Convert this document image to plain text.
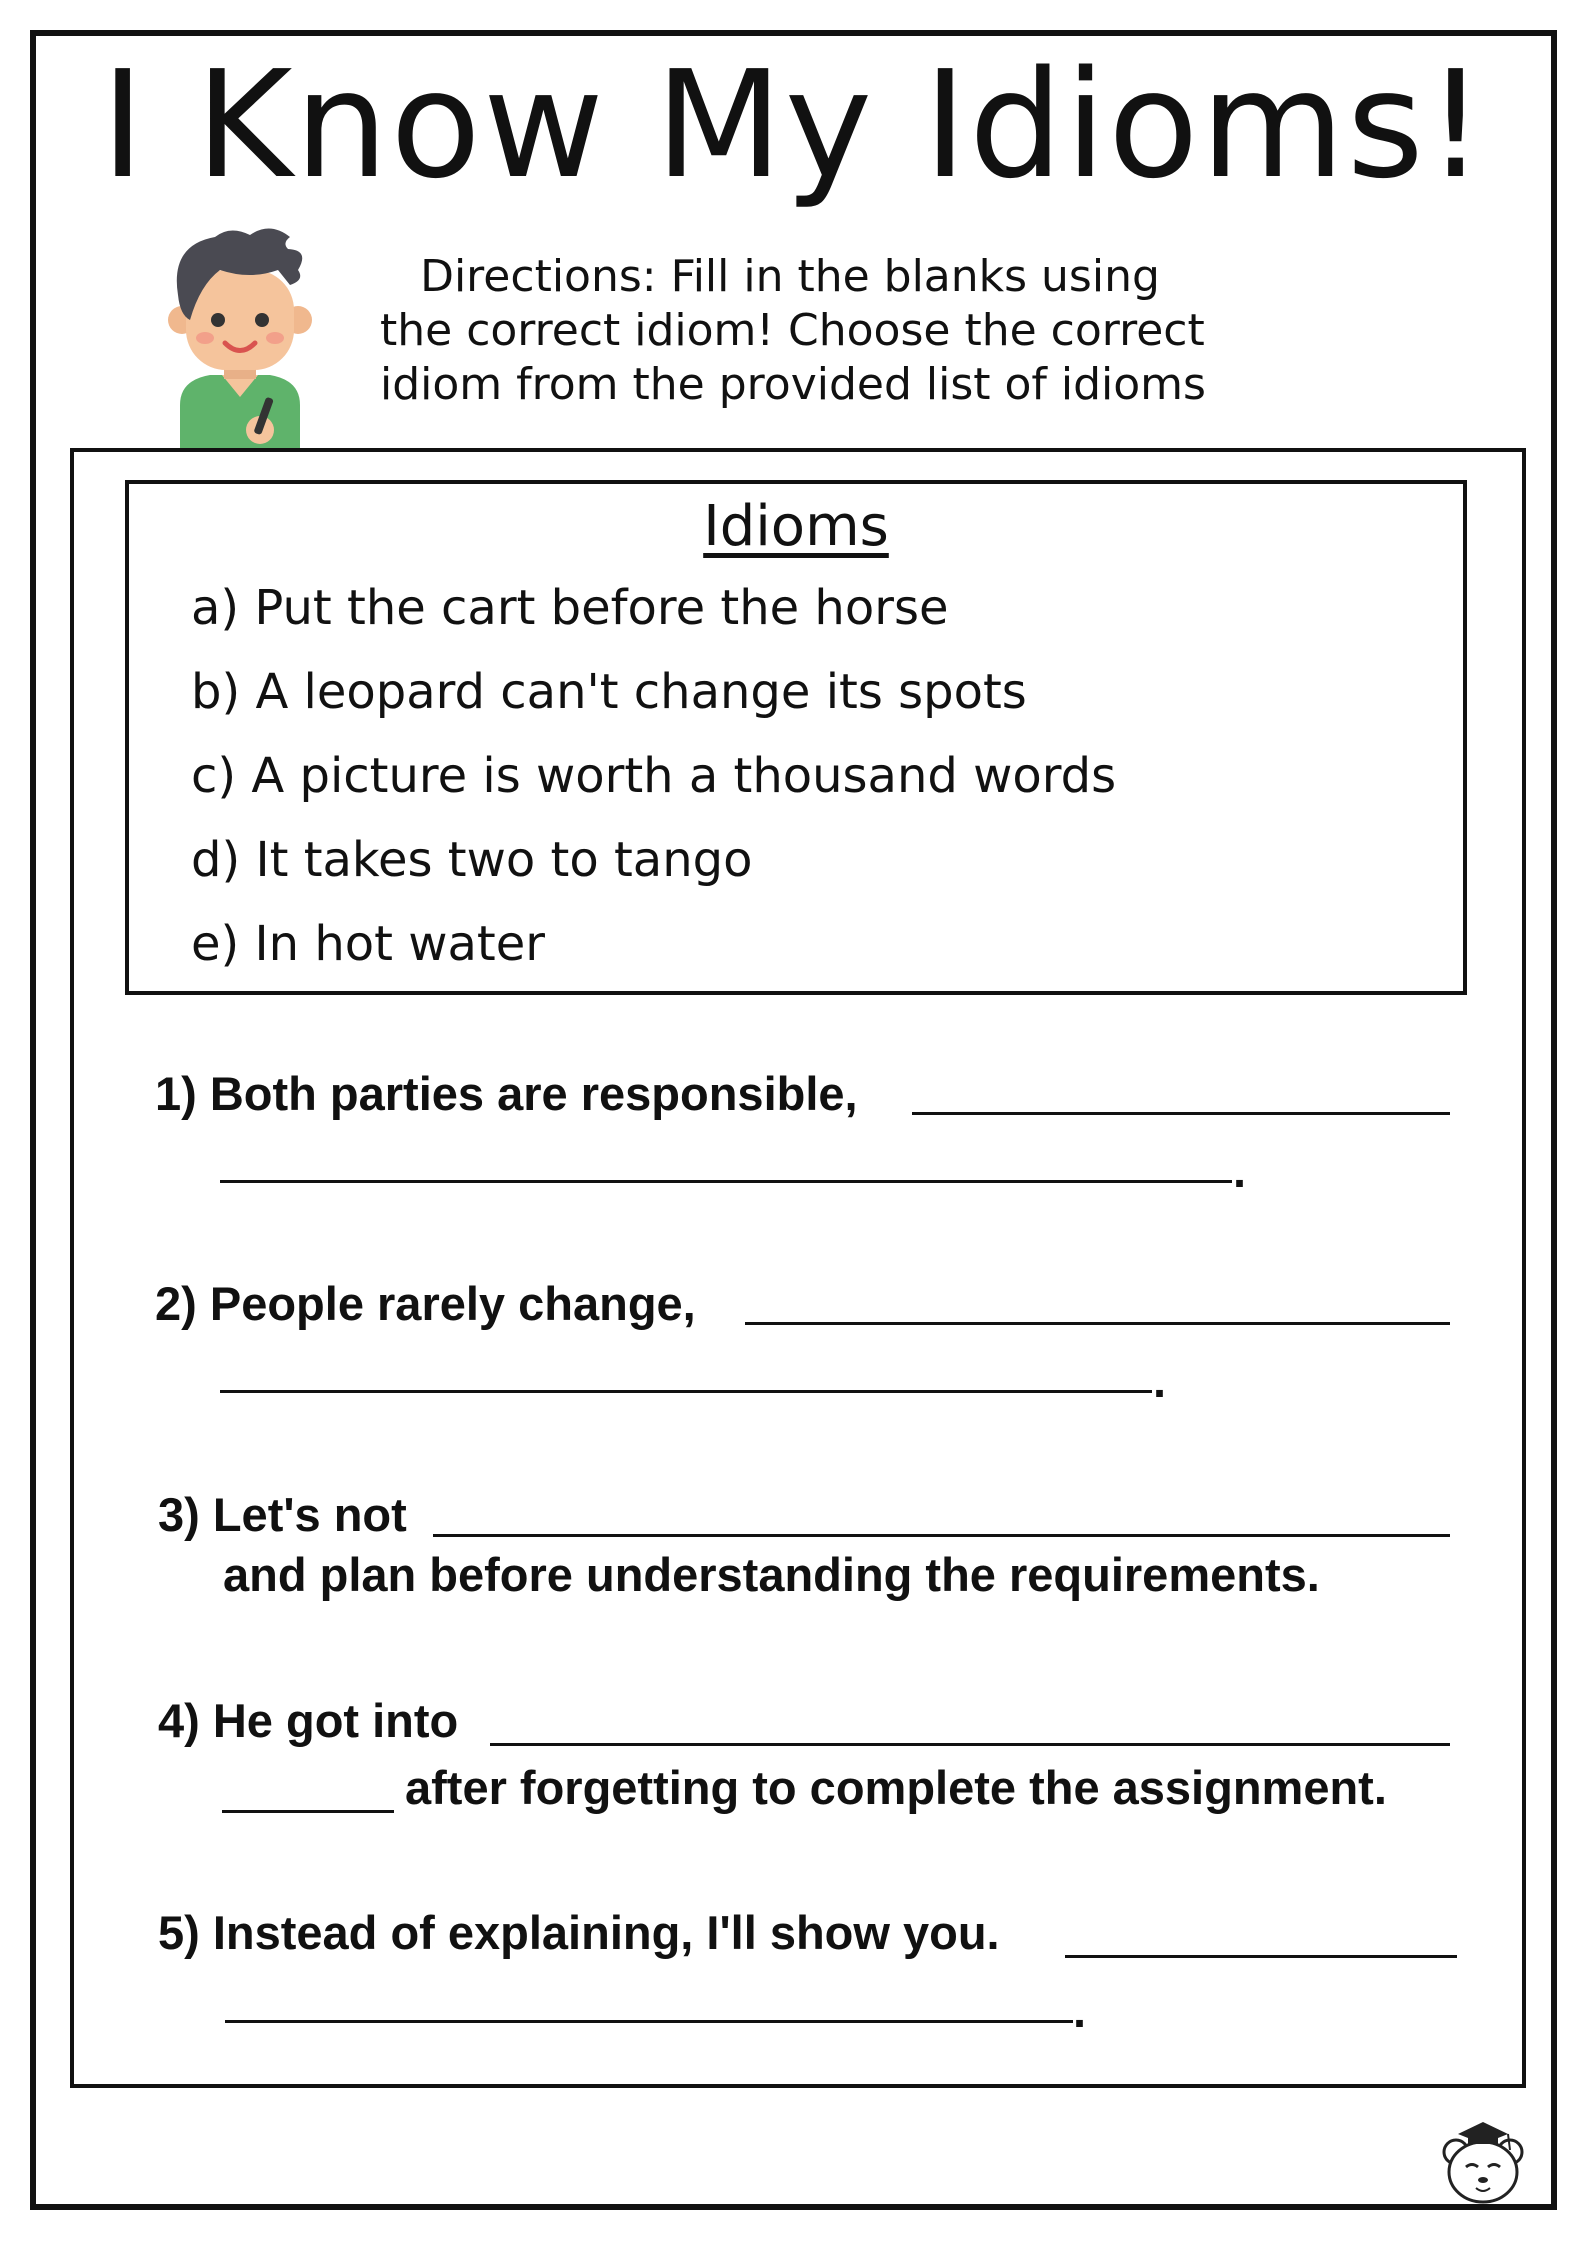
I Know My Idioms!
Directions: Fill in the blanks using
the correct idiom! Choose the correct
idiom from the provided list of idioms
Idioms
a) Put the cart before the horse
b) A leopard can't change its spots
c) A picture is worth a thousand words
d) It takes two to tango
e) In hot water
1) Both parties are responsible,
.
2) People rarely change,
.
3) Let's not
and plan before understanding the requirements.
4) He got into
after forgetting to complete the assignment.
5) Instead of explaining, I'll show you.
.
